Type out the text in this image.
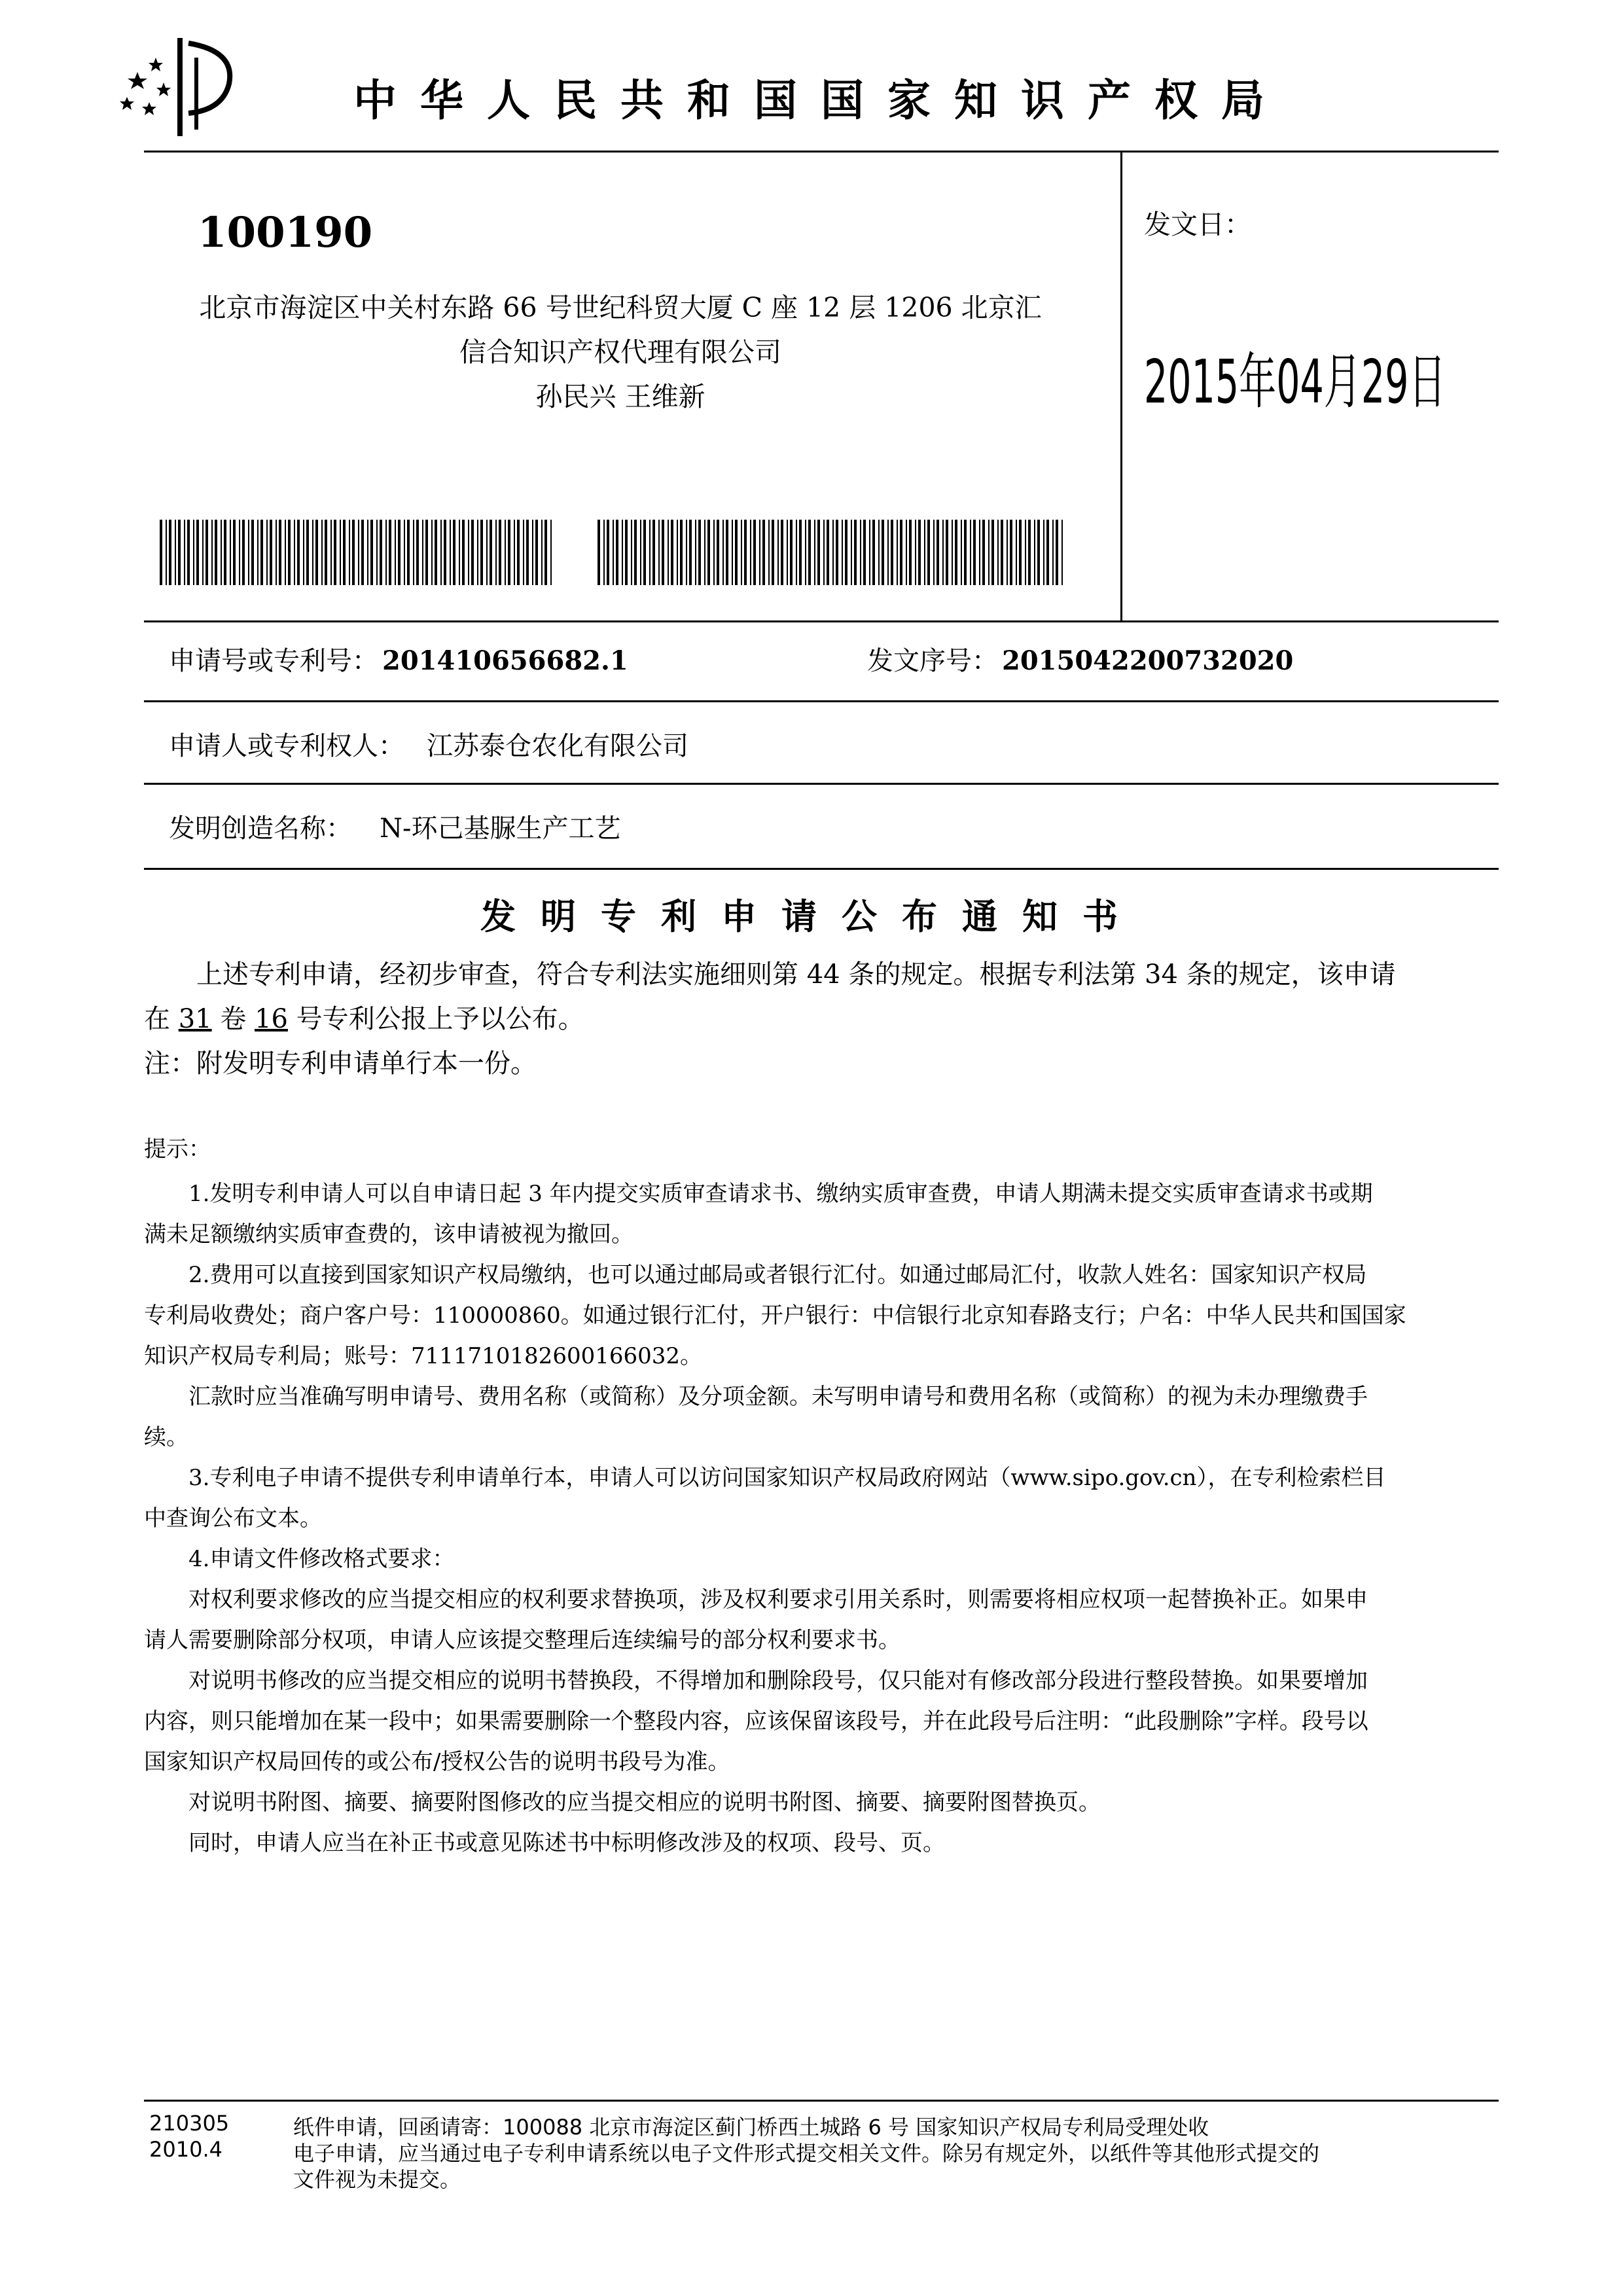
中华人民共和国国家知识产权局
100190
北京市海淀区中关村东路 66 号世纪科贸大厦 C 座 12 层 1206 北京汇
信合知识产权代理有限公司
孙民兴 王维新
发文日：
2015年04月29日
申请号或专利号： 201410656682.1	发文序号： 2015042200732020
申请人或专利权人： 江苏泰仓农化有限公司
发明创造名称： N-环己基脲生产工艺
发明专利申请公布通知书
上述专利申请，经初步审查，符合专利法实施细则第 44 条的规定。根据专利法第 34 条的规定，该申请
在 31 卷 16 号专利公报上予以公布。
注：附发明专利申请单行本一份。
提示：
1.发明专利申请人可以自申请日起 3 年内提交实质审查请求书、缴纳实质审查费，申请人期满未提交实质审查请求书或期
满未足额缴纳实质审查费的，该申请被视为撤回。
2.费用可以直接到国家知识产权局缴纳，也可以通过邮局或者银行汇付。如通过邮局汇付，收款人姓名：国家知识产权局
专利局收费处；商户客户号：110000860。如通过银行汇付，开户银行：中信银行北京知春路支行；户名：中华人民共和国国家
知识产权局专利局；账号：7111710182600166032。
汇款时应当准确写明申请号、费用名称（或简称）及分项金额。未写明申请号和费用名称（或简称）的视为未办理缴费手
续。
3.专利电子申请不提供专利申请单行本，申请人可以访问国家知识产权局政府网站（www.sipo.gov.cn），在专利检索栏目
中查询公布文本。
4.申请文件修改格式要求：
对权利要求修改的应当提交相应的权利要求替换项，涉及权利要求引用关系时，则需要将相应权项一起替换补正。如果申
请人需要删除部分权项，申请人应该提交整理后连续编号的部分权利要求书。
对说明书修改的应当提交相应的说明书替换段，不得增加和删除段号，仅只能对有修改部分段进行整段替换。如果要增加
内容，则只能增加在某一段中；如果需要删除一个整段内容，应该保留该段号，并在此段号后注明：“此段删除”字样。段号以
国家知识产权局回传的或公布/授权公告的说明书段号为准。
对说明书附图、摘要、摘要附图修改的应当提交相应的说明书附图、摘要、摘要附图替换页。
同时，申请人应当在补正书或意见陈述书中标明修改涉及的权项、段号、页。
210305
2010.4
纸件申请，回函请寄：100088 北京市海淀区蓟门桥西土城路 6 号 国家知识产权局专利局受理处收
电子申请，应当通过电子专利申请系统以电子文件形式提交相关文件。除另有规定外，以纸件等其他形式提交的
文件视为未提交。
